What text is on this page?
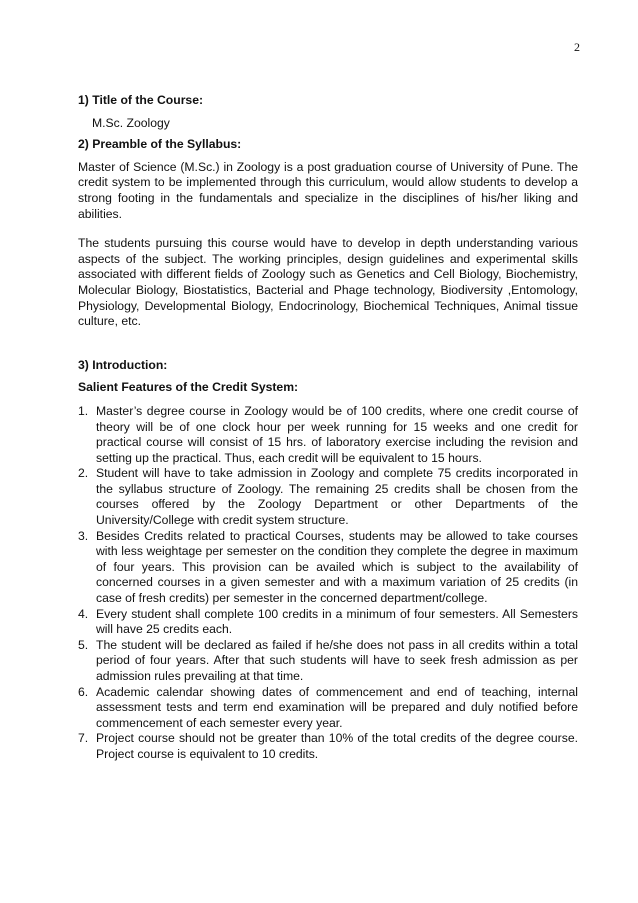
2

1) Title of the Course:

M.Sc. Zoology

2) Preamble of the Syllabus:

Master of Science (M.Sc.) in Zoology is a post graduation course of University of Pune. The credit system to be implemented through this curriculum, would allow students to develop a strong footing in the fundamentals and specialize in the disciplines of his/her liking and abilities.

The students pursuing this course would have to develop in depth understanding various aspects of the subject. The working principles, design guidelines and experimental skills associated with different fields of Zoology such as Genetics and Cell Biology, Biochemistry, Molecular Biology, Biostatistics, Bacterial and Phage technology, Biodiversity ,Entomology, Physiology, Developmental Biology, Endocrinology, Biochemical Techniques, Animal tissue culture, etc.

3) Introduction:

Salient Features of the Credit System:

1. Master’s degree course in Zoology would be of 100 credits, where one credit course of theory will be of one clock hour per week running for 15 weeks and one credit for practical course will consist of 15 hrs. of laboratory exercise including the revision and setting up the practical. Thus, each credit will be equivalent to 15 hours.
2. Student will have to take admission in Zoology and complete 75 credits incorporated in the syllabus structure of Zoology. The remaining 25 credits shall be chosen from the courses offered by the Zoology Department or other Departments of the University/College with credit system structure.
3. Besides Credits related to practical Courses, students may be allowed to take courses with less weightage per semester on the condition they complete the degree in maximum of four years. This provision can be availed which is subject to the availability of concerned courses in a given semester and with a maximum variation of 25 credits (in case of fresh credits) per semester in the concerned department/college.
4. Every student shall complete 100 credits in a minimum of four semesters. All Semesters will have 25 credits each.
5. The student will be declared as failed if he/she does not pass in all credits within a total period of four years. After that such students will have to seek fresh admission as per admission rules prevailing at that time.
6. Academic calendar showing dates of commencement and end of teaching, internal assessment tests and term end examination will be prepared and duly notified before commencement of each semester every year.
7. Project course should not be greater than 10% of the total credits of the degree course. Project course is equivalent to 10 credits.
